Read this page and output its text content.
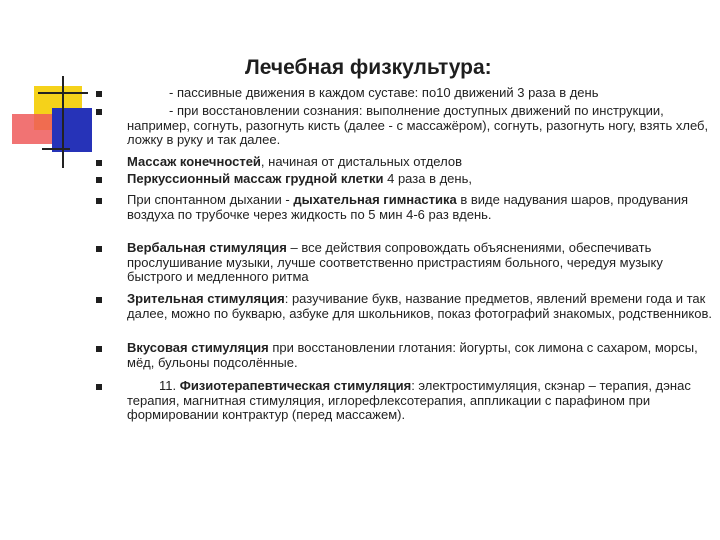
Лечебная физкультура:
- пассивные движения в каждом суставе: по10 движений 3 раза в день
- при восстановлении сознания: выполнение доступных движений по инструкции, например, согнуть, разогнуть кисть (далее - с массажёром), согнуть, разогнуть ногу, взять хлеб, ложку в руку и так далее.
Массаж конечностей, начиная от дистальных отделов
Перкуссионный массаж грудной клетки 4 раза в день,
При спонтанном дыхании - дыхательная гимнастика в виде надувания шаров, продувания воздуха по трубочке через жидкость по 5 мин 4-6 раз вдень.
Вербальная стимуляция – все действия сопровождать объяснениями, обеспечивать прослушивание музыки, лучше соответственно пристрастиям больного, чередуя музыку быстрого и медленного ритма
Зрительная стимуляция: разучивание букв, название предметов, явлений времени года и так далее, можно по букварю, азбуке для школьников, показ фотографий знакомых, родственников.
Вкусовая стимуляция при восстановлении глотания: йогурты, сок лимона с сахаром, морсы, мёд, бульоны подсолённые.
11. Физиотерапевтическая стимуляция: электростимуляция, скэнар – терапия, дэнас терапия, магнитная стимуляция, иглорефлексотерапия, аппликации с парафином при формировании контрактур (перед массажем).
